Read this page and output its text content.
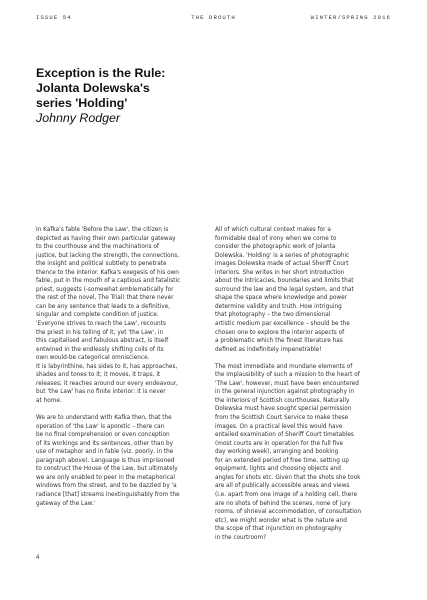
ISSUE 54	THE DROUTH	WINTER/SPRING 2016
Exception is the Rule:
Jolanta Dolewska's
series 'Holding'

Johnny Rodger

In Kafka's fable 'Before the Law', the citizen is
depicted as having their own particular gateway
to the courthouse and the machinations of
justice, but lacking the strength, the connections,
the insight and political subtlety to penetrate
thence to the interior. Kafka's exegesis of his own
fable, put in the mouth of a captious and fatalistic
priest, suggests (-somewhat emblematically for
the rest of the novel, The Trial) that there never
can be any sentence that leads to a definitive,
singular and complete condition of justice.
'Everyone strives to reach the Law', recounts
the priest in his telling of it; yet 'the Law', in
this capitalised and fabulous abstract, is itself
entwined in the endlessly shifting coils of its
own would-be categorical omniscience.
It is labyrinthine, has sides to it, has approaches,
shades and tones to it; it moves, it traps, it
releases; it reaches around our every endeavour,
but 'the Law' has no finite interior: it is never
at home.

We are to understand with Kafka then, that the
operation of 'the Law' is aporetic – there can
be no final comprehension or even conception
of its workings and its sentences, other than by
use of metaphor and in fable (viz. poorly, in the
paragraph above). Language is thus imprisoned
to construct the House of the Law, but ultimately
we are only enabled to peer in the metaphorical
windows from the street, and to be dazzled by 'a
radiance [that] streams inextinguishably from the
gateway of the Law.'

All of which cultural context makes for a
formidable deal of irony when we come to
consider the photographic work of Jolanta
Dolewska. 'Holding' is a series of photographic
images Dolewska made of actual Sheriff Court
interiors. She writes in her short introduction
about the intricacies, boundaries and limits that
surround the law and the legal system, and that
shape the space where knowledge and power
determine validity and truth. How intriguing
that photography – the two dimensional
artistic medium par excellence – should be the
chosen one to explore the interior aspects of
a problematic which the finest literature has
defined as indefinitely impenetrable!

The most immediate and mundane elements of
the implausibility of such a mission to the heart of
'The Law', however, must have been encountered
in the general injunction against photography in
the interiors of Scottish courthouses. Naturally
Dolewska must have sought special permission
from the Scottish Court Service to make these
images. On a practical level this would have
entailed examination of Sheriff Court timetables
(most courts are in operation for the full five
day working week), arranging and booking
for an extended period of free time, setting up
equipment, lights and choosing objects and
angles for shots etc. Given that the shots she took
are all of publically accessible areas and views
(i.e. apart from one image of a holding cell, there
are no shots of behind the scenes, none of jury
rooms, of shrieval accommodation, of consultation
etc), we might wonder what is the nature and
the scope of that injunction on photography
in the courtroom?

4
